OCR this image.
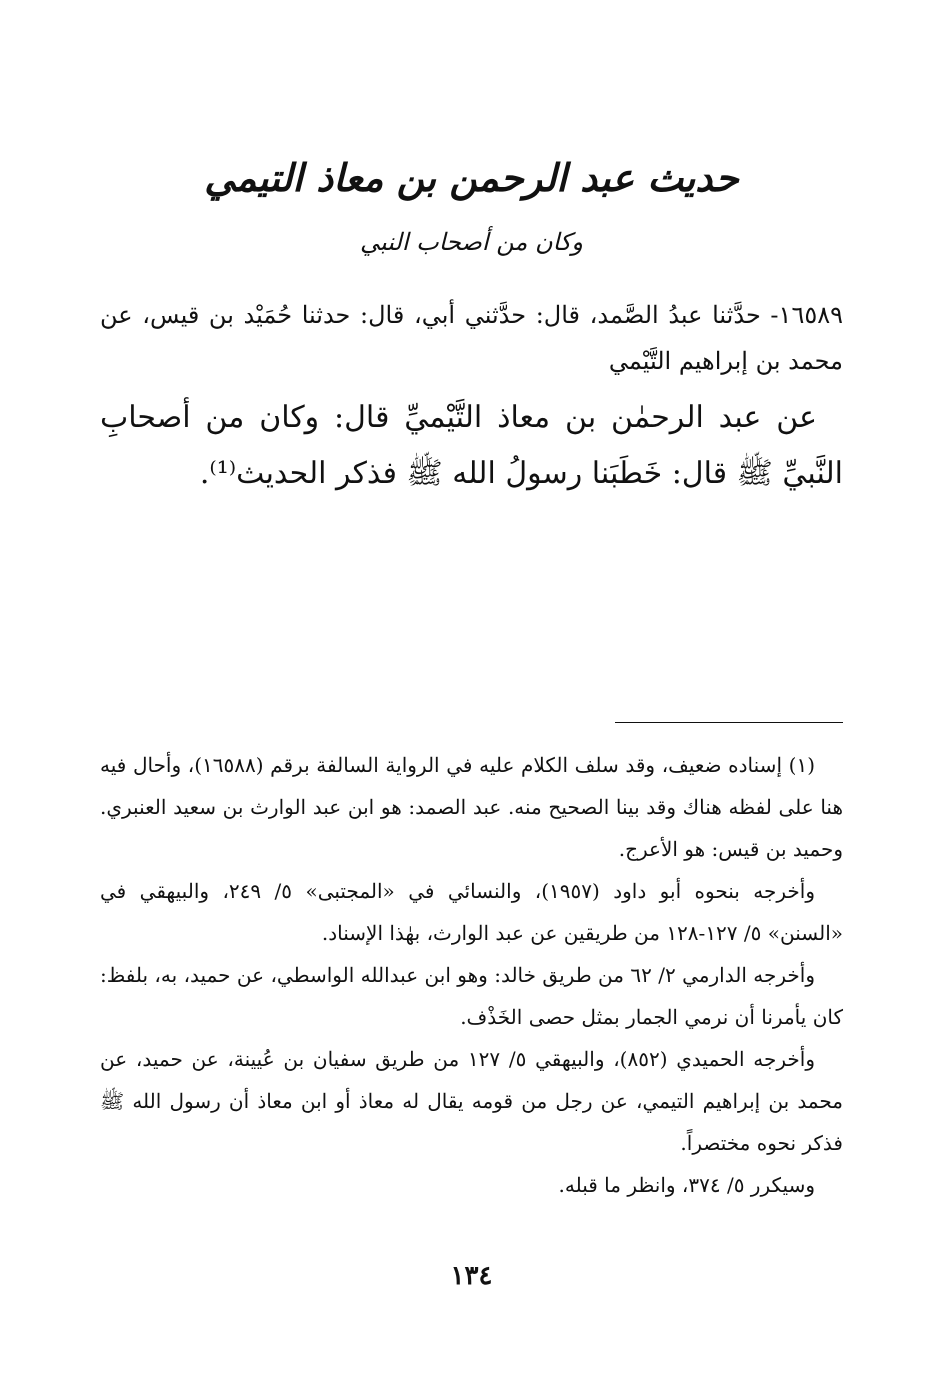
حديث عبد الرحمن بن معاذ التيمي
وكان من أصحاب النبي
١٦٥٨٩- حدَّثنا عبدُ الصَّمد، قال: حدَّثني أبي، قال: حدثنا حُمَيْد بن قيس، عن محمد بن إبراهيم التَّيْمي
عن عبد الرحمٰن بن معاذ التَّيْميِّ قال: وكان من أصحابِ النَّبيِّ ﷺ قال: خَطَبَنا رسولُ الله ﷺ فذكر الحديث⁽¹⁾.

(١) إسناده ضعيف، وقد سلف الكلام عليه في الرواية السالفة برقم (١٦٥٨٨)، وأحال فيه هنا على لفظه هناك وقد بينا الصحيح منه. عبد الصمد: هو ابن عبد الوارث بن سعيد العنبري. وحميد بن قيس: هو الأعرج.

وأخرجه بنحوه أبو داود (١٩٥٧)، والنسائي في «المجتبى» ٥/ ٢٤٩، والبيهقي في «السنن» ٥/ ١٢٧-١٢٨ من طريقين عن عبد الوارث، بهٰذا الإسناد.

وأخرجه الدارمي ٢/ ٦٢ من طريق خالد: وهو ابن عبدالله الواسطي، عن حميد، به، بلفظ: كان يأمرنا أن نرمي الجمار بمثل حصى الخَذْف.

وأخرجه الحميدي (٨٥٢)، والبيهقي ٥/ ١٢٧ من طريق سفيان بن عُيينة، عن حميد، عن محمد بن إبراهيم التيمي، عن رجل من قومه يقال له معاذ أو ابن معاذ أن رسول الله ﷺ فذكر نحوه مختصراً.

وسيكرر ٥/ ٣٧٤، وانظر ما قبله.

١٣٤
